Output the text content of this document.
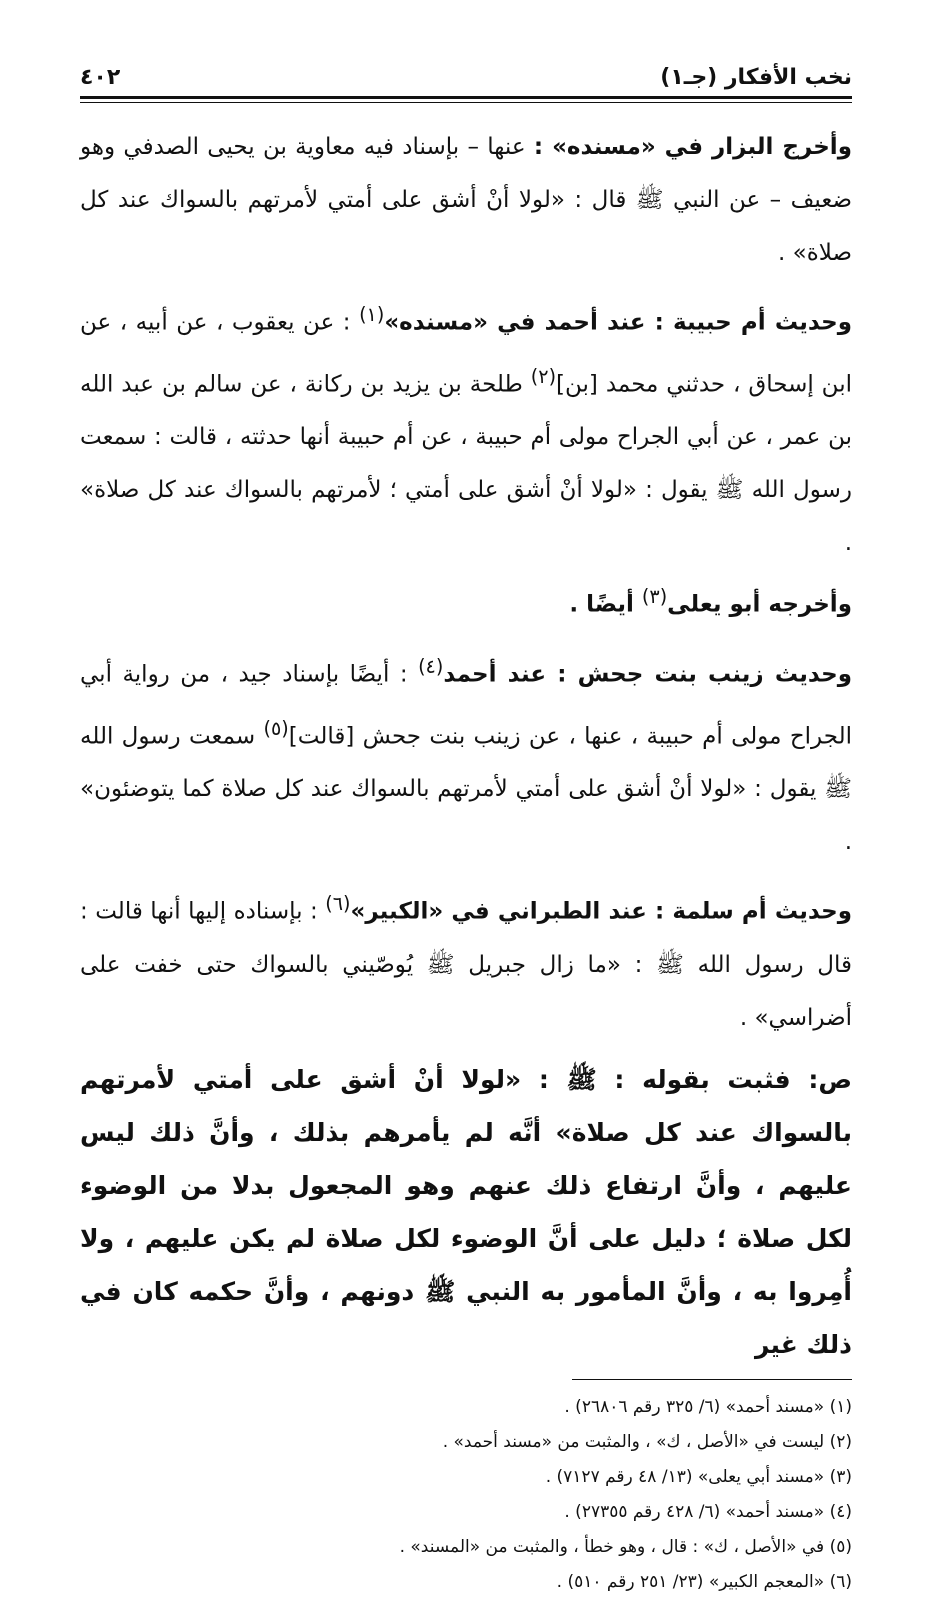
نخب الأفكار (جـ١)
٤٠٢

وأخرج البزار في «مسنده» : عنها – بإسناد فيه معاوية بن يحيى الصدفي وهو ضعيف – عن النبي ﷺ قال : «لولا أنْ أشق على أمتي لأمرتهم بالسواك عند كل صلاة» .

وحديث أم حبيبة : عند أحمد في «مسنده»$^{(١)}$ : عن يعقوب ، عن أبيه ، عن ابن إسحاق ، حدثني محمد [بن]$^{(٢)}$ طلحة بن يزيد بن ركانة ، عن سالم بن عبد الله بن عمر ، عن أبي الجراح مولى أم حبيبة ، عن أم حبيبة أنها حدثته ، قالت : سمعت رسول الله ﷺ يقول : «لولا أنْ أشق على أمتي ؛ لأمرتهم بالسواك عند كل صلاة» .
وأخرجه أبو يعلى$^{(٣)}$ أيضًا .

وحديث زينب بنت جحش : عند أحمد$^{(٤)}$ : أيضًا بإسناد جيد ، من رواية أبي الجراح مولى أم حبيبة ، عنها ، عن زينب بنت جحش [قالت]$^{(٥)}$ سمعت رسول الله ﷺ يقول : «لولا أنْ أشق على أمتي لأمرتهم بالسواك عند كل صلاة كما يتوضئون» .

وحديث أم سلمة : عند الطبراني في «الكبير»$^{(٦)}$ : بإسناده إليها أنها قالت : قال رسول الله ﷺ : «ما زال جبريل ﷺ يُوصّيني بالسواك حتى خفت على أضراسي» .

ص: فثبت بقوله : ﷺ : «لولا أنْ أشق على أمتي لأمرتهم بالسواك عند كل صلاة» أنَّه لم يأمرهم بذلك ، وأنَّ ذلك ليس عليهم ، وأنَّ ارتفاع ذلك عنهم وهو المجعول بدلا من الوضوء لكل صلاة ؛ دليل على أنَّ الوضوء لكل صلاة لم يكن عليهم ، ولا أُمِروا به ، وأنَّ المأمور به النبي ﷺ دونهم ، وأنَّ حكمه كان في ذلك غير

(١) «مسند أحمد» (٦/ ٣٢٥ رقم ٢٦٨٠٦) .
(٢) ليست في «الأصل ، ك» ، والمثبت من «مسند أحمد» .
(٣) «مسند أبي يعلى» (١٣/ ٤٨ رقم ٧١٢٧) .
(٤) «مسند أحمد» (٦/ ٤٢٨ رقم ٢٧٣٥٥) .
(٥) في «الأصل ، ك» : قال ، وهو خطأ ، والمثبت من «المسند» .
(٦) «المعجم الكبير» (٢٣/ ٢٥١ رقم ٥١٠) .
